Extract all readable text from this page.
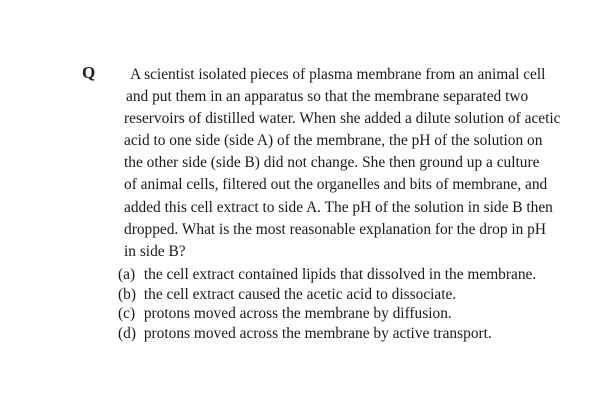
Q	A scientist isolated pieces of plasma membrane from an animal cell
and put them in an apparatus so that the membrane separated two
reservoirs of distilled water. When she added a dilute solution of acetic
acid to one side (side A) of the membrane, the pH of the solution on
the other side (side B) did not change. She then ground up a culture
of animal cells, filtered out the organelles and bits of membrane, and
added this cell extract to side A. The pH of the solution in side B then
dropped. What is the most reasonable explanation for the drop in pH
in side B?
(a) the cell extract contained lipids that dissolved in the membrane.
(b) the cell extract caused the acetic acid to dissociate.
(c) protons moved across the membrane by diffusion.
(d) protons moved across the membrane by active transport.
